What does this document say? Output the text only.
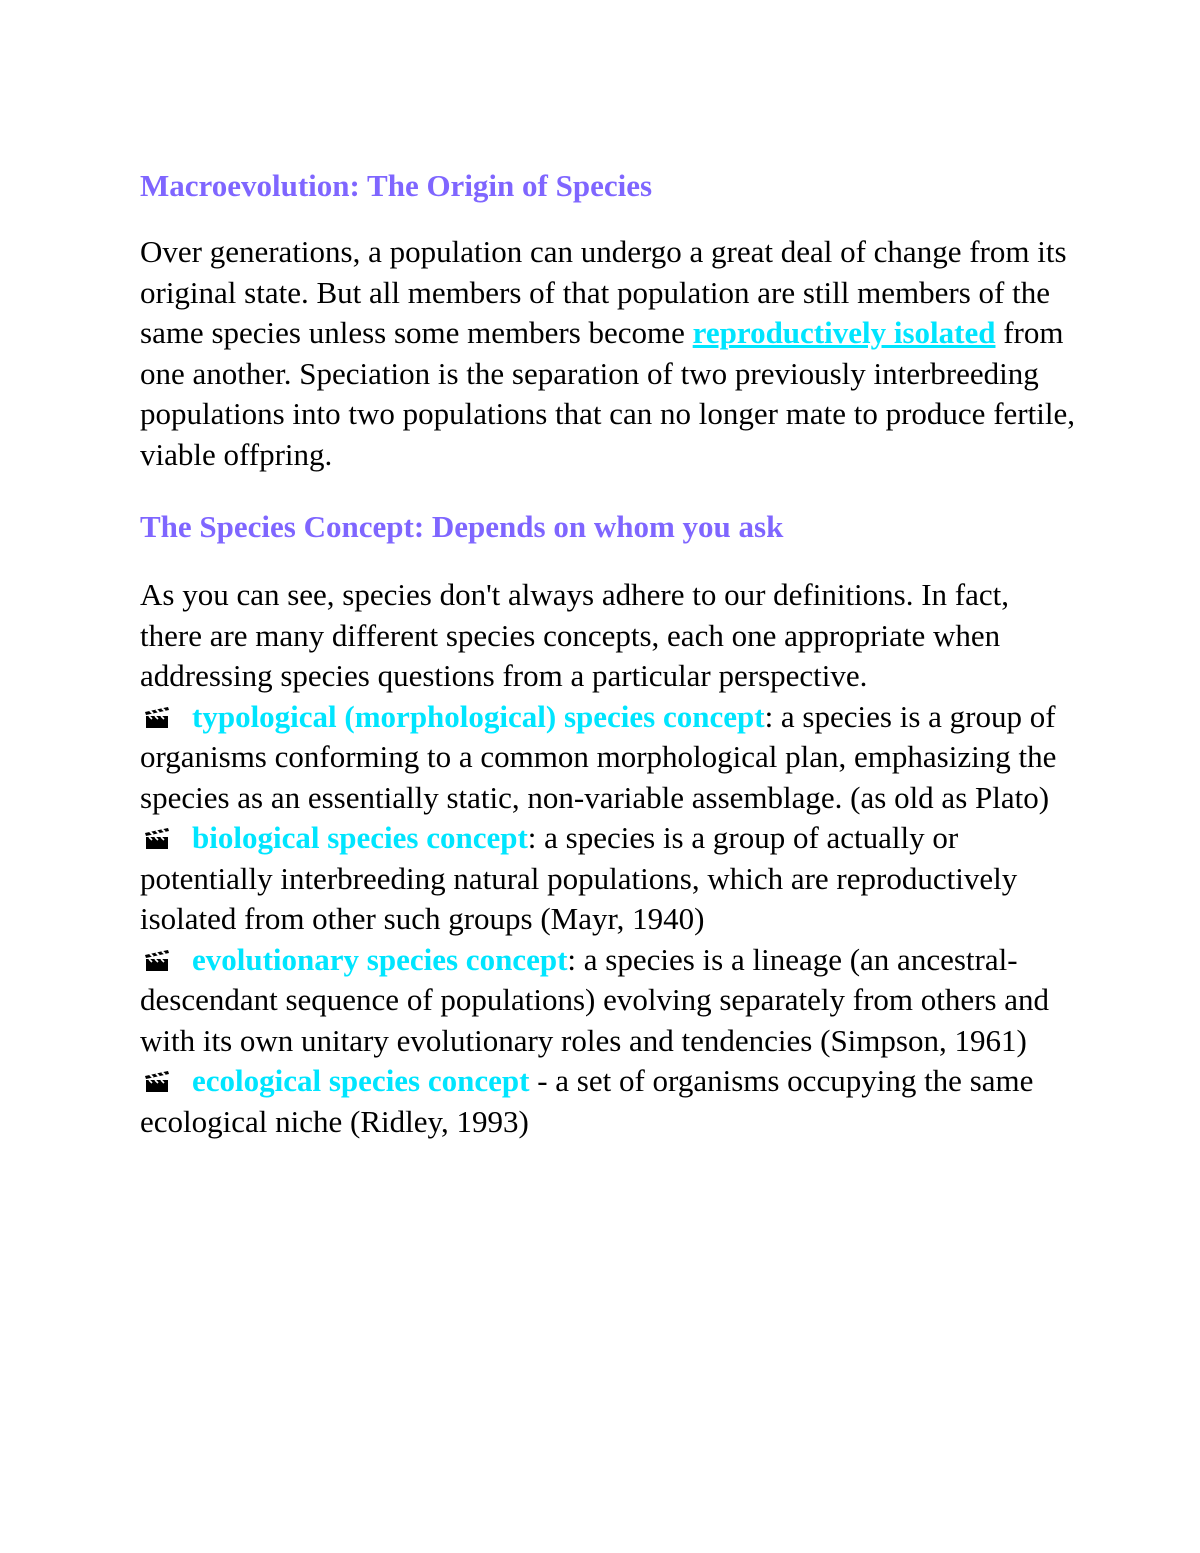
Macroevolution: The Origin of Species

Over generations, a population can undergo a great deal of change from its original state. But all members of that population are still members of the same species unless some members become reproductively isolated from one another. Speciation is the separation of two previously interbreeding populations into two populations that can no longer mate to produce fertile, viable offpring.

The Species Concept: Depends on whom you ask

As you can see, species don't always adhere to our definitions. In fact, there are many different species concepts, each one appropriate when addressing species questions from a particular perspective.

typological (morphological) species concept: a species is a group of organisms conforming to a common morphological plan, emphasizing the species as an essentially static, non-variable assemblage. (as old as Plato)

biological species concept: a species is a group of actually or potentially interbreeding natural populations, which are reproductively isolated from other such groups (Mayr, 1940)

evolutionary species concept: a species is a lineage (an ancestral-descendant sequence of populations) evolving separately from others and with its own unitary evolutionary roles and tendencies (Simpson, 1961)

ecological species concept - a set of organisms occupying the same ecological niche (Ridley, 1993)
